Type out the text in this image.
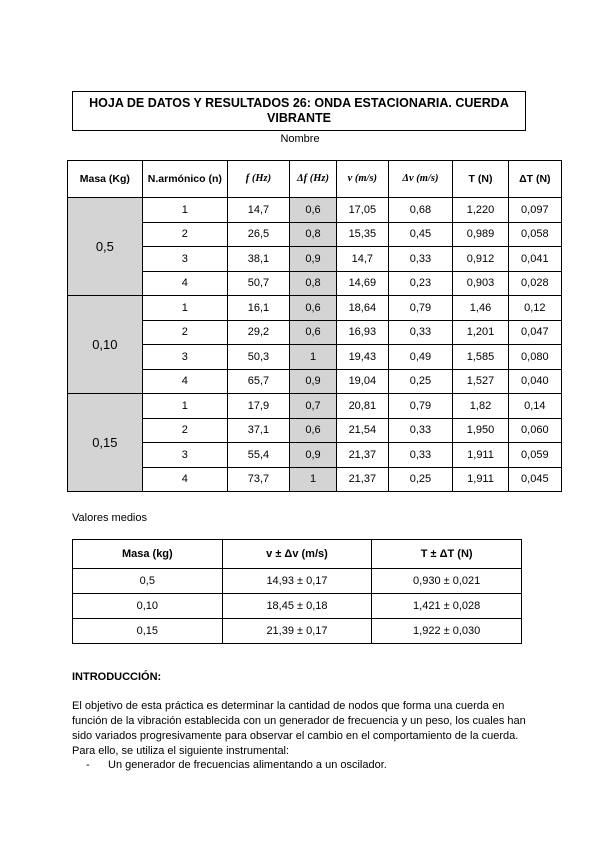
HOJA DE DATOS Y RESULTADOS 26: ONDA ESTACIONARIA. CUERDA VIBRANTE
Nombre
Masa (Kg)	N.armónico (n)	f (Hz)	Δf (Hz)	v (m/s)	Δv (m/s)	T (N)	ΔT (N)
0,5	1	14,7	0,6	17,05	0,68	1,220	0,097
	2	26,5	0,8	15,35	0,45	0,989	0,058
	3	38,1	0,9	14,7	0,33	0,912	0,041
	4	50,7	0,8	14,69	0,23	0,903	0,028
0,10	1	16,1	0,6	18,64	0,79	1,46	0,12
	2	29,2	0,6	16,93	0,33	1,201	0,047
	3	50,3	1	19,43	0,49	1,585	0,080
	4	65,7	0,9	19,04	0,25	1,527	0,040
0,15	1	17,9	0,7	20,81	0,79	1,82	0,14
	2	37,1	0,6	21,54	0,33	1,950	0,060
	3	55,4	0,9	21,37	0,33	1,911	0,059
	4	73,7	1	21,37	0,25	1,911	0,045
Valores medios
Masa (kg)	v ± Δv (m/s)	T ± ΔT (N)
0,5	14,93 ± 0,17	0,930 ± 0,021
0,10	18,45 ± 0,18	1,421 ± 0,028
0,15	21,39 ± 0,17	1,922 ± 0,030
INTRODUCCIÓN:
El objetivo de esta práctica es determinar la cantidad de nodos que forma una cuerda en función de la vibración establecida con un generador de frecuencia y un peso, los cuales han sido variados progresivamente para observar el cambio en el comportamiento de la cuerda. Para ello, se utiliza el siguiente instrumental:
- Un generador de frecuencias alimentando a un oscilador.
